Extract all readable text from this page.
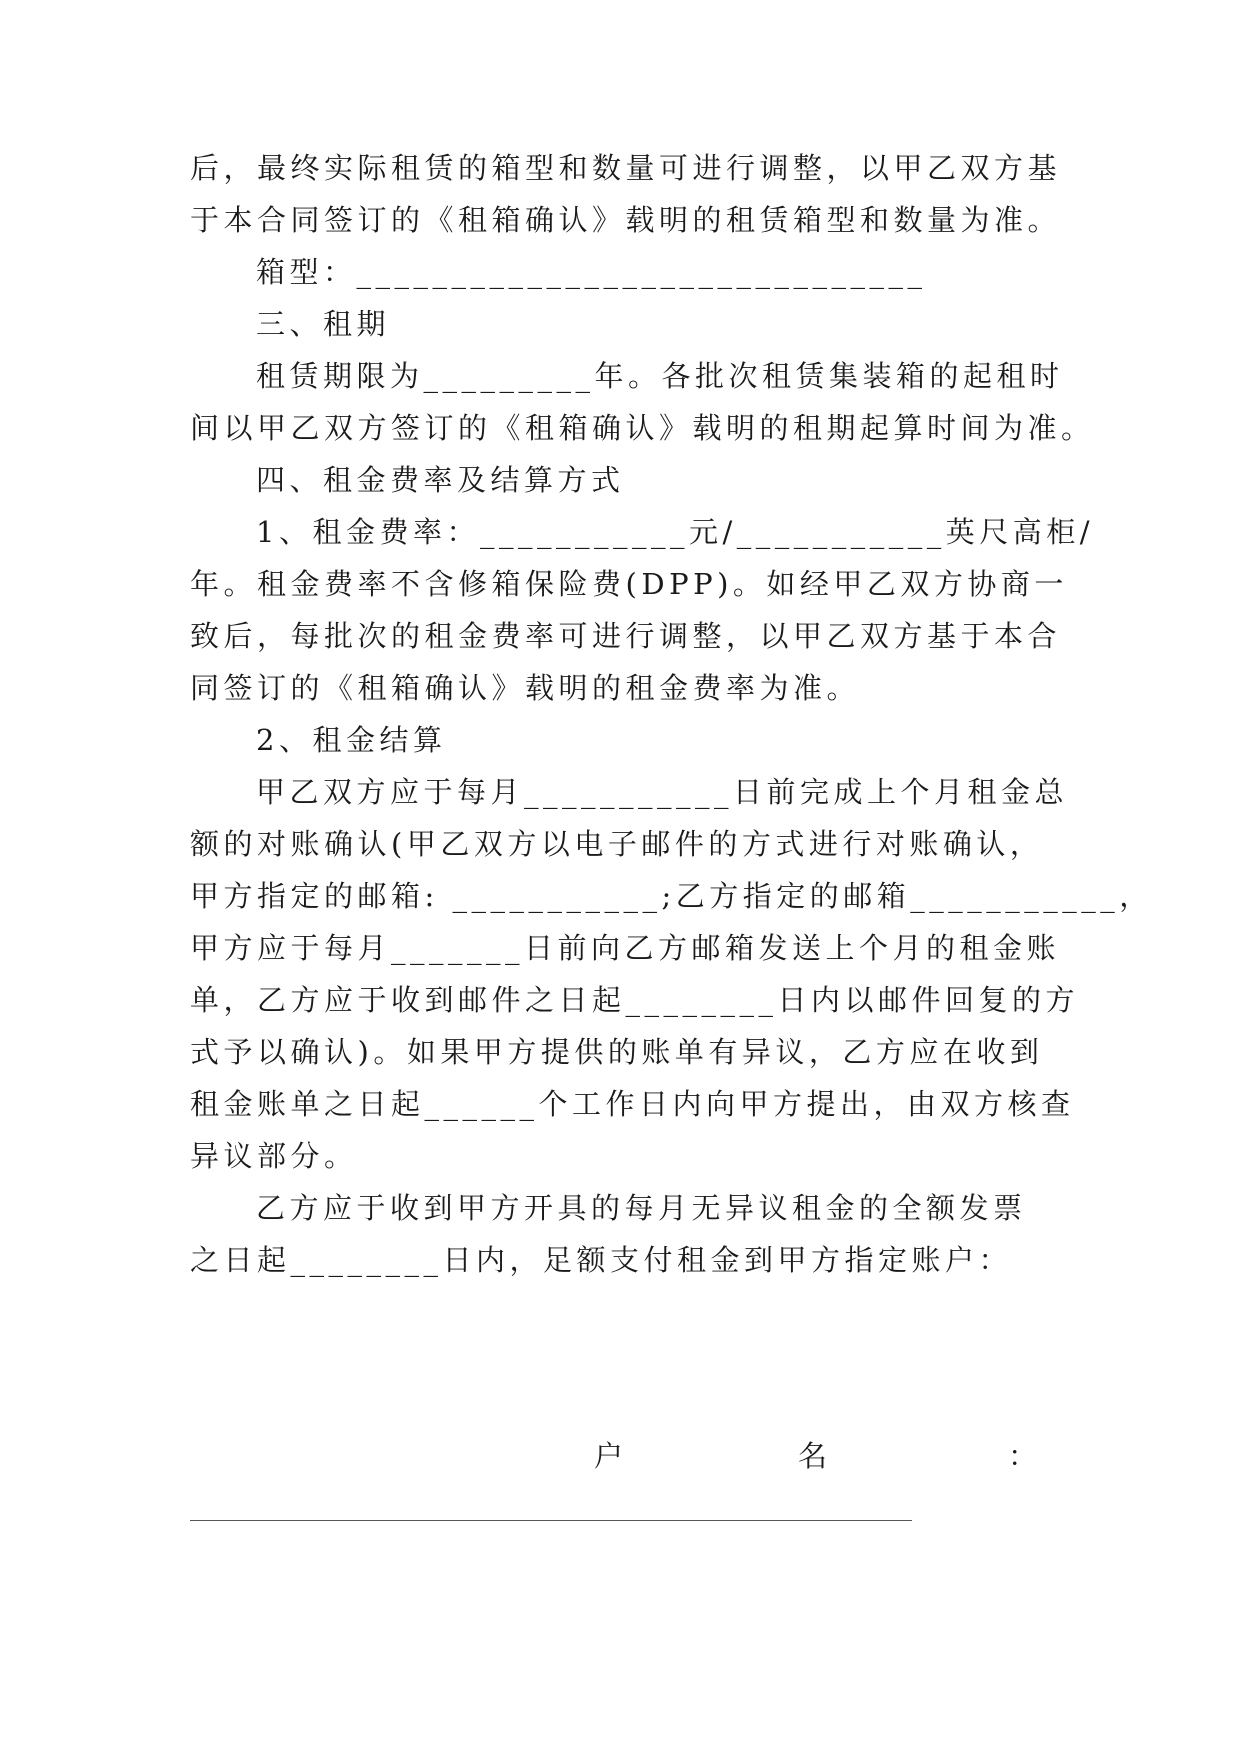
后，最终实际租赁的箱型和数量可进行调整，以甲乙双方基
于本合同签订的《租箱确认》载明的租赁箱型和数量为准。
箱型：______________________________
三、租期
租赁期限为_________年。各批次租赁集装箱的起租时
间以甲乙双方签订的《租箱确认》载明的租期起算时间为准。
四、租金费率及结算方式
1、租金费率：___________元/___________英尺高柜/
年。租金费率不含修箱保险费(DPP)。如经甲乙双方协商一
致后，每批次的租金费率可进行调整，以甲乙双方基于本合
同签订的《租箱确认》载明的租金费率为准。
2、租金结算
甲乙双方应于每月___________日前完成上个月租金总
额的对账确认(甲乙双方以电子邮件的方式进行对账确认，
甲方指定的邮箱: ___________;乙方指定的邮箱___________，
甲方应于每月_______日前向乙方邮箱发送上个月的租金账
单，乙方应于收到邮件之日起________日内以邮件回复的方
式予以确认)。如果甲方提供的账单有异议，乙方应在收到
租金账单之日起______个工作日内向甲方提出，由双方核查
异议部分。
乙方应于收到甲方开具的每月无异议租金的全额发票
之日起________日内，足额支付租金到甲方指定账户：
户	名	：
